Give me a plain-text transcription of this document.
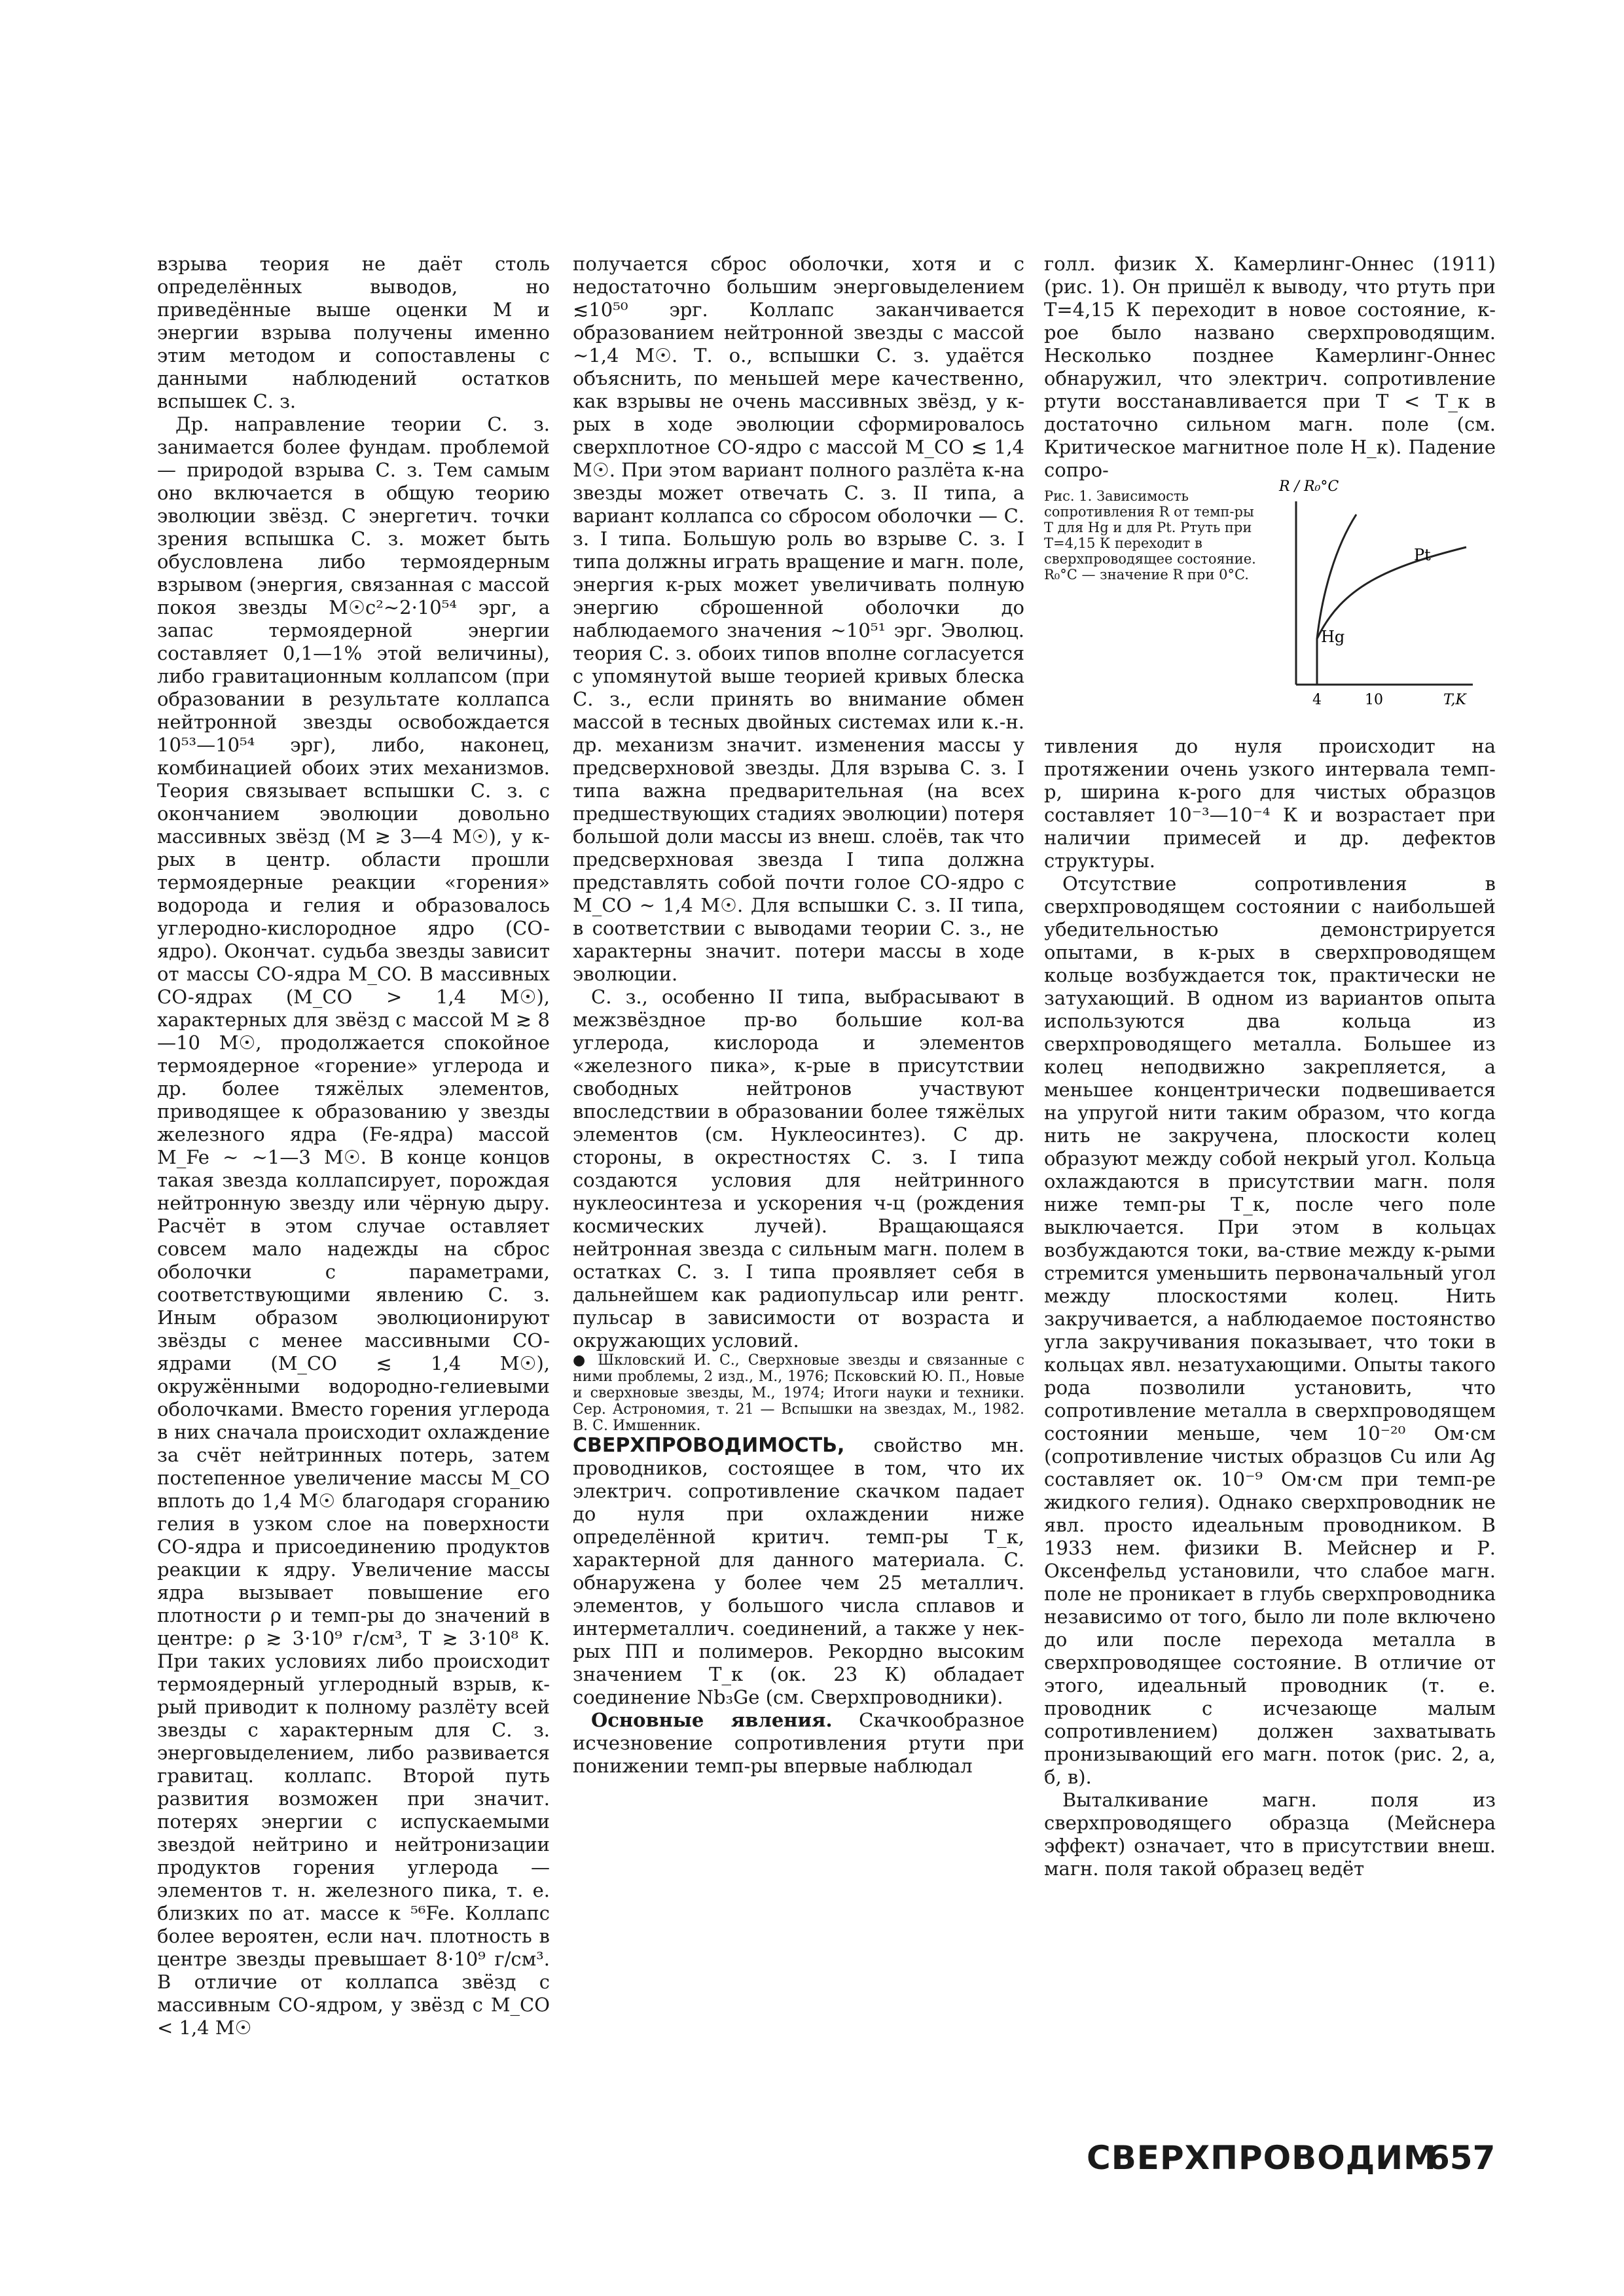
взрыва теория не даёт столь определённых выводов, но приведённые выше оценки M и энергии взрыва получены именно этим методом и сопоставлены с данными наблюдений остатков вспышек С. з.

Др. направление теории С. з. занимается более фундам. проблемой — природой взрыва С. з. Тем самым оно включается в общую теорию эволюции звёзд. С энергетич. точки зрения вспышка С. з. может быть обусловлена либо термоядерным взрывом (энергия, связанная с массой покоя звезды M☉c²~2·10⁵⁴ эрг, а запас термоядерной энергии составляет 0,1—1% этой величины), либо гравитационным коллапсом (при образовании в результате коллапса нейтронной звезды освобождается 10⁵³—10⁵⁴ эрг), либо, наконец, комбинацией обоих этих механизмов. Теория связывает вспышки С. з. с окончанием эволюции довольно массивных звёзд (M ≳ 3—4 M☉), у к-рых в центр. области прошли термоядерные реакции «горения» водорода и гелия и образовалось углеродно-кислородное ядро (CO-ядро). Окончат. судьба звезды зависит от массы CO-ядра M_CO. В массивных CO-ядрах (M_CO > 1,4 M☉), характерных для звёзд с массой M ≳ 8—10 M☉, продолжается спокойное термоядерное «горение» углерода и др. более тяжёлых элементов, приводящее к образованию у звезды железного ядра (Fe-ядра) массой M_Fe ~ ~1—3 M☉. В конце концов такая звезда коллапсирует, порождая нейтронную звезду или чёрную дыру. Расчёт в этом случае оставляет совсем мало надежды на сброс оболочки с параметрами, соответствующими явлению С. з. Иным образом эволюционируют звёзды с менее массивными CO-ядрами (M_CO ≲ 1,4 M☉), окружёнными водородно-гелиевыми оболочками. Вместо горения углерода в них сначала происходит охлаждение за счёт нейтринных потерь, затем постепенное увеличение массы M_CO вплоть до 1,4 M☉ благодаря сгоранию гелия в узком слое на поверхности CO-ядра и присоединению продуктов реакции к ядру. Увеличение массы ядра вызывает повышение его плотности ρ и темп-ры до значений в центре: ρ ≳ 3·10⁹ г/см³, T ≳ 3·10⁸ К. При таких условиях либо происходит термоядерный углеродный взрыв, к-рый приводит к полному разлёту всей звезды с характерным для С. з. энерговыделением, либо развивается гравитац. коллапс. Второй путь развития возможен при значит. потерях энергии с испускаемыми звездой нейтрино и нейтронизации продуктов горения углерода — элементов т. н. железного пика, т. е. близких по ат. массе к ⁵⁶Fe. Коллапс более вероятен, если нач. плотность в центре звезды превышает 8·10⁹ г/см³. В отличие от коллапса звёзд с массивным CO-ядром, у звёзд с M_CO < 1,4 M☉

получается сброс оболочки, хотя и с недостаточно большим энерговыделением ≲10⁵⁰ эрг. Коллапс заканчивается образованием нейтронной звезды с массой ~1,4 M☉. Т. о., вспышки С. з. удаётся объяснить, по меньшей мере качественно, как взрывы не очень массивных звёзд, у к-рых в ходе эволюции сформировалось сверхплотное CO-ядро с массой M_CO ≲ 1,4 M☉. При этом вариант полного разлёта к-на звезды может отвечать С. з. II типа, а вариант коллапса со сбросом оболочки — С. з. I типа. Большую роль во взрыве С. з. I типа должны играть вращение и магн. поле, энергия к-рых может увеличивать полную энергию сброшенной оболочки до наблюдаемого значения ~10⁵¹ эрг. Эволюц. теория С. з. обоих типов вполне согласуется с упомянутой выше теорией кривых блеска С. з., если принять во внимание обмен массой в тесных двойных системах или к.-н. др. механизм значит. изменения массы у предсверхновой звезды. Для взрыва С. з. I типа важна предварительная (на всех предшествующих стадиях эволюции) потеря большой доли массы из внеш. слоёв, так что предсверхновая звезда I типа должна представлять собой почти голое CO-ядро с M_CO ~ 1,4 M☉. Для вспышки С. з. II типа, в соответствии с выводами теории С. з., не характерны значит. потери массы в ходе эволюции.

С. з., особенно II типа, выбрасывают в межзвёздное пр-во большие кол-ва углерода, кислорода и элементов «железного пика», к-рые в присутствии свободных нейтронов участвуют впоследствии в образовании более тяжёлых элементов (см. Нуклеосинтез). С др. стороны, в окрестностях С. з. I типа создаются условия для нейтринного нуклеосинтеза и ускорения ч-ц (рождения космических лучей). Вращающаяся нейтронная звезда с сильным магн. полем в остатках С. з. I типа проявляет себя в дальнейшем как радиопульсар или рентг. пульсар в зависимости от возраста и окружающих условий.

● Шкловский И. С., Сверхновые звезды и связанные с ними проблемы, 2 изд., М., 1976; Псковский Ю. П., Новые и сверхновые звезды, М., 1974; Итоги науки и техники. Сер. Астрономия, т. 21 — Вспышки на звездах, М., 1982. В. С. Имшенник.

СВЕРХПРОВОДИМОСТЬ, свойство мн. проводников, состоящее в том, что их электрич. сопротивление скачком падает до нуля при охлаждении ниже определённой критич. темп-ры T_к, характерной для данного материала. С. обнаружена у более чем 25 металлич. элементов, у большого числа сплавов и интерметаллич. соединений, а также у нек-рых ПП и полимеров. Рекордно высоким значением T_к (ок. 23 К) обладает соединение Nb₃Ge (см. Сверхпроводники).

Основные явления. Скачкообразное исчезновение сопротивления ртути при понижении темп-ры впервые наблюдал

голл. физик X. Камерлинг-Оннес (1911) (рис. 1). Он пришёл к выводу, что ртуть при T=4,15 К переходит в новое состояние, к-рое было названо сверхпроводящим. Несколько позднее Камерлинг-Оннес обнаружил, что электрич. сопротивление ртути восстанавливается при T < T_к в достаточно сильном магн. поле (см. Критическое магнитное поле H_к). Падение сопро-

Рис. 1. Зависимость сопротивления R от темп-ры T для Hg и для Pt. Ртуть при T=4,15 К переходит в сверхпроводящее состояние. R₀°C — значение R при 0°C.
R / R₀°C
Pt
Hg
4	10	T,K

тивления до нуля происходит на протяжении очень узкого интервала темп-р, ширина к-рого для чистых образцов составляет 10⁻³—10⁻⁴ К и возрастает при наличии примесей и др. дефектов структуры.

Отсутствие сопротивления в сверхпроводящем состоянии с наибольшей убедительностью демонстрируется опытами, в к-рых в сверхпроводящем кольце возбуждается ток, практически не затухающий. В одном из вариантов опыта используются два кольца из сверхпроводящего металла. Большее из колец неподвижно закрепляется, а меньшее концентрически подвешивается на упругой нити таким образом, что когда нить не закручена, плоскости колец образуют между собой некрый угол. Кольца охлаждаются в присутствии магн. поля ниже темп-ры T_к, после чего поле выключается. При этом в кольцах возбуждаются токи, ва-ствие между к-рыми стремится уменьшить первоначальный угол между плоскостями колец. Нить закручивается, а наблюдаемое постоянство угла закручивания показывает, что токи в кольцах явл. незатухающими. Опыты такого рода позволили установить, что сопротивление металла в сверхпроводящем состоянии меньше, чем 10⁻²⁰ Ом·см (сопротивление чистых образцов Cu или Ag составляет ок. 10⁻⁹ Ом·см при темп-ре жидкого гелия). Однако сверхпроводник не явл. просто идеальным проводником. В 1933 нем. физики В. Мейснер и Р. Оксенфельд установили, что слабое магн. поле не проникает в глубь сверхпроводника независимо от того, было ли поле включено до или после перехода металла в сверхпроводящее состояние. В отличие от этого, идеальный проводник (т. е. проводник с исчезающе малым сопротивлением) должен захватывать пронизывающий его магн. поток (рис. 2, а, б, в).

Выталкивание магн. поля из сверхпроводящего образца (Мейснера эффект) означает, что в присутствии внеш. магн. поля такой образец ведёт

СВЕРХПРОВОДИМ
657
